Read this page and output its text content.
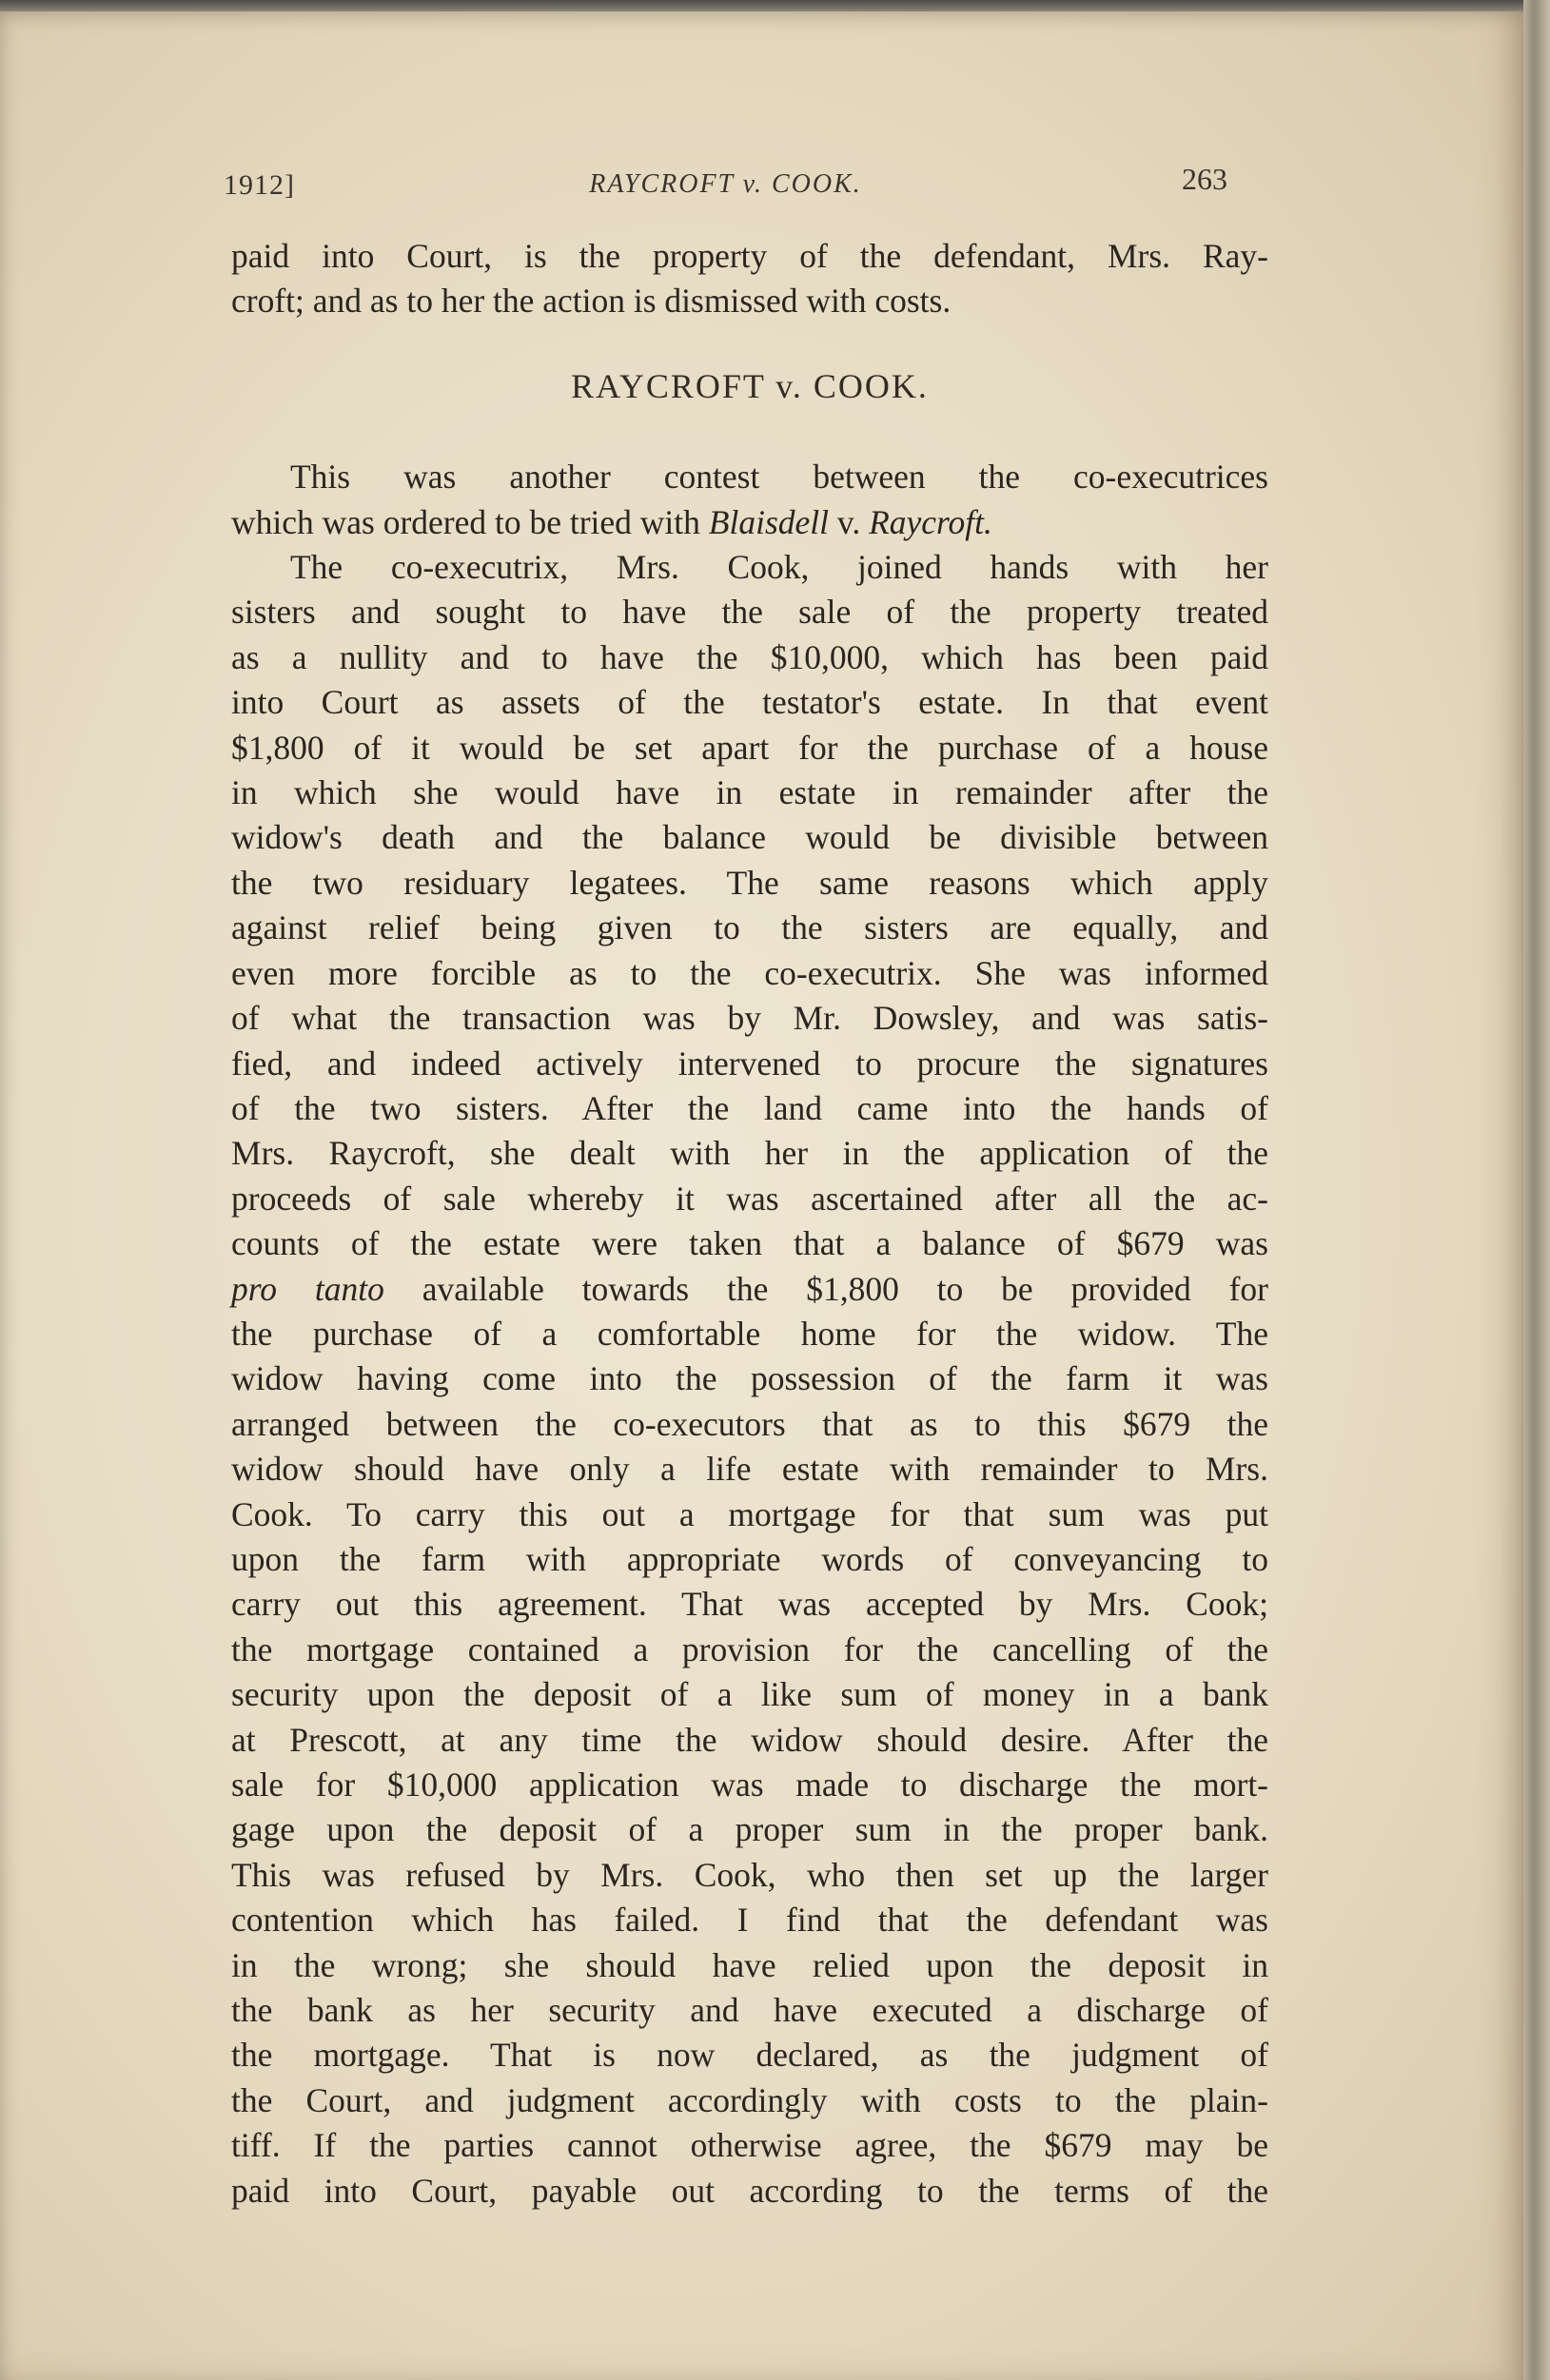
1912]	RAYCROFT v. COOK.	263

paid into Court, is the property of the defendant, Mrs. Ray-
croft; and as to her the action is dismissed with costs.

RAYCROFT v. COOK.

This was another contest between the co-executrices
which was ordered to be tried with Blaisdell v. Raycroft.

The co-executrix, Mrs. Cook, joined hands with her
sisters and sought to have the sale of the property treated
as a nullity and to have the $10,000, which has been paid
into Court as assets of the testator's estate. In that event
$1,800 of it would be set apart for the purchase of a house
in which she would have in estate in remainder after the
widow's death and the balance would be divisible between
the two residuary legatees. The same reasons which apply
against relief being given to the sisters are equally, and
even more forcible as to the co-executrix. She was informed
of what the transaction was by Mr. Dowsley, and was satis-
fied, and indeed actively intervened to procure the signatures
of the two sisters. After the land came into the hands of
Mrs. Raycroft, she dealt with her in the application of the
proceeds of sale whereby it was ascertained after all the ac-
counts of the estate were taken that a balance of $679 was
pro tanto available towards the $1,800 to be provided for
the purchase of a comfortable home for the widow. The
widow having come into the possession of the farm it was
arranged between the co-executors that as to this $679 the
widow should have only a life estate with remainder to Mrs.
Cook. To carry this out a mortgage for that sum was put
upon the farm with appropriate words of conveyancing to
carry out this agreement. That was accepted by Mrs. Cook;
the mortgage contained a provision for the cancelling of the
security upon the deposit of a like sum of money in a bank
at Prescott, at any time the widow should desire. After the
sale for $10,000 application was made to discharge the mort-
gage upon the deposit of a proper sum in the proper bank.
This was refused by Mrs. Cook, who then set up the larger
contention which has failed. I find that the defendant was
in the wrong; she should have relied upon the deposit in
the bank as her security and have executed a discharge of
the mortgage. That is now declared, as the judgment of
the Court, and judgment accordingly with costs to the plain-
tiff. If the parties cannot otherwise agree, the $679 may be
paid into Court, payable out according to the terms of the
